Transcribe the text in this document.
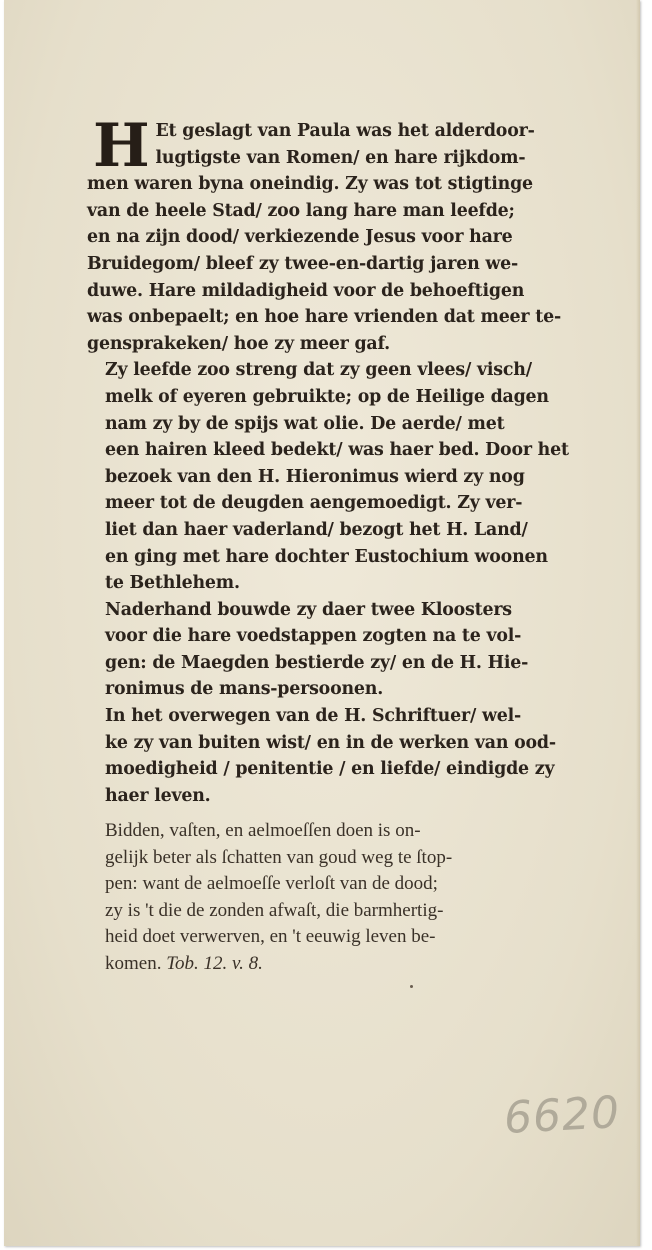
H Et geslagt van Paula was het alderdoor-
lugtigste van Romen/ en hare rijkdom-
men waren byna oneindig. Zy was tot stigtinge
van de heele Stad/ zoo lang hare man leefde;
en na zijn dood/ verkiezende Jesus voor hare
Bruidegom/ bleef zy twee-en-dartig jaren we-
duwe. Hare mildadigheid voor de behoeftigen
was onbepaelt; en hoe hare vrienden dat meer te-
gensprakeken/ hoe zy meer gaf.

Zy leefde zoo streng dat zy geen vlees/ visch/
melk of eyeren gebruikte; op de Heilige dagen
nam zy by de spijs wat olie. De aerde/ met
een hairen kleed bedekt/ was haer bed. Door het
bezoek van den H. Hieronimus wierd zy nog
meer tot de deugden aengemoedigt. Zy ver-
liet dan haer vaderland/ bezogt het H. Land/
en ging met hare dochter Eustochium woonen
te Bethlehem.

Naderhand bouwde zy daer twee Kloosters
voor die hare voedstappen zogten na te vol-
gen: de Maegden bestierde zy/ en de H. Hie-
ronimus de mans-persoonen.

In het overwegen van de H. Schriftuer/ wel-
ke zy van buiten wist/ en in de werken van ood-
moedigheid / penitentie / en liefde/ eindigde zy
haer leven.

Bidden, vaſten, en aelmoeſſen doen is on-
gelijk beter als ſchatten van goud weg te ſtop-
pen: want de aelmoeſſe verloſt van de dood;
zy is 't die de zonden afwaſt, die barmhertig-
heid doet verwerven, en 't eeuwig leven be-
komen. Tob. 12. v. 8.
6620
